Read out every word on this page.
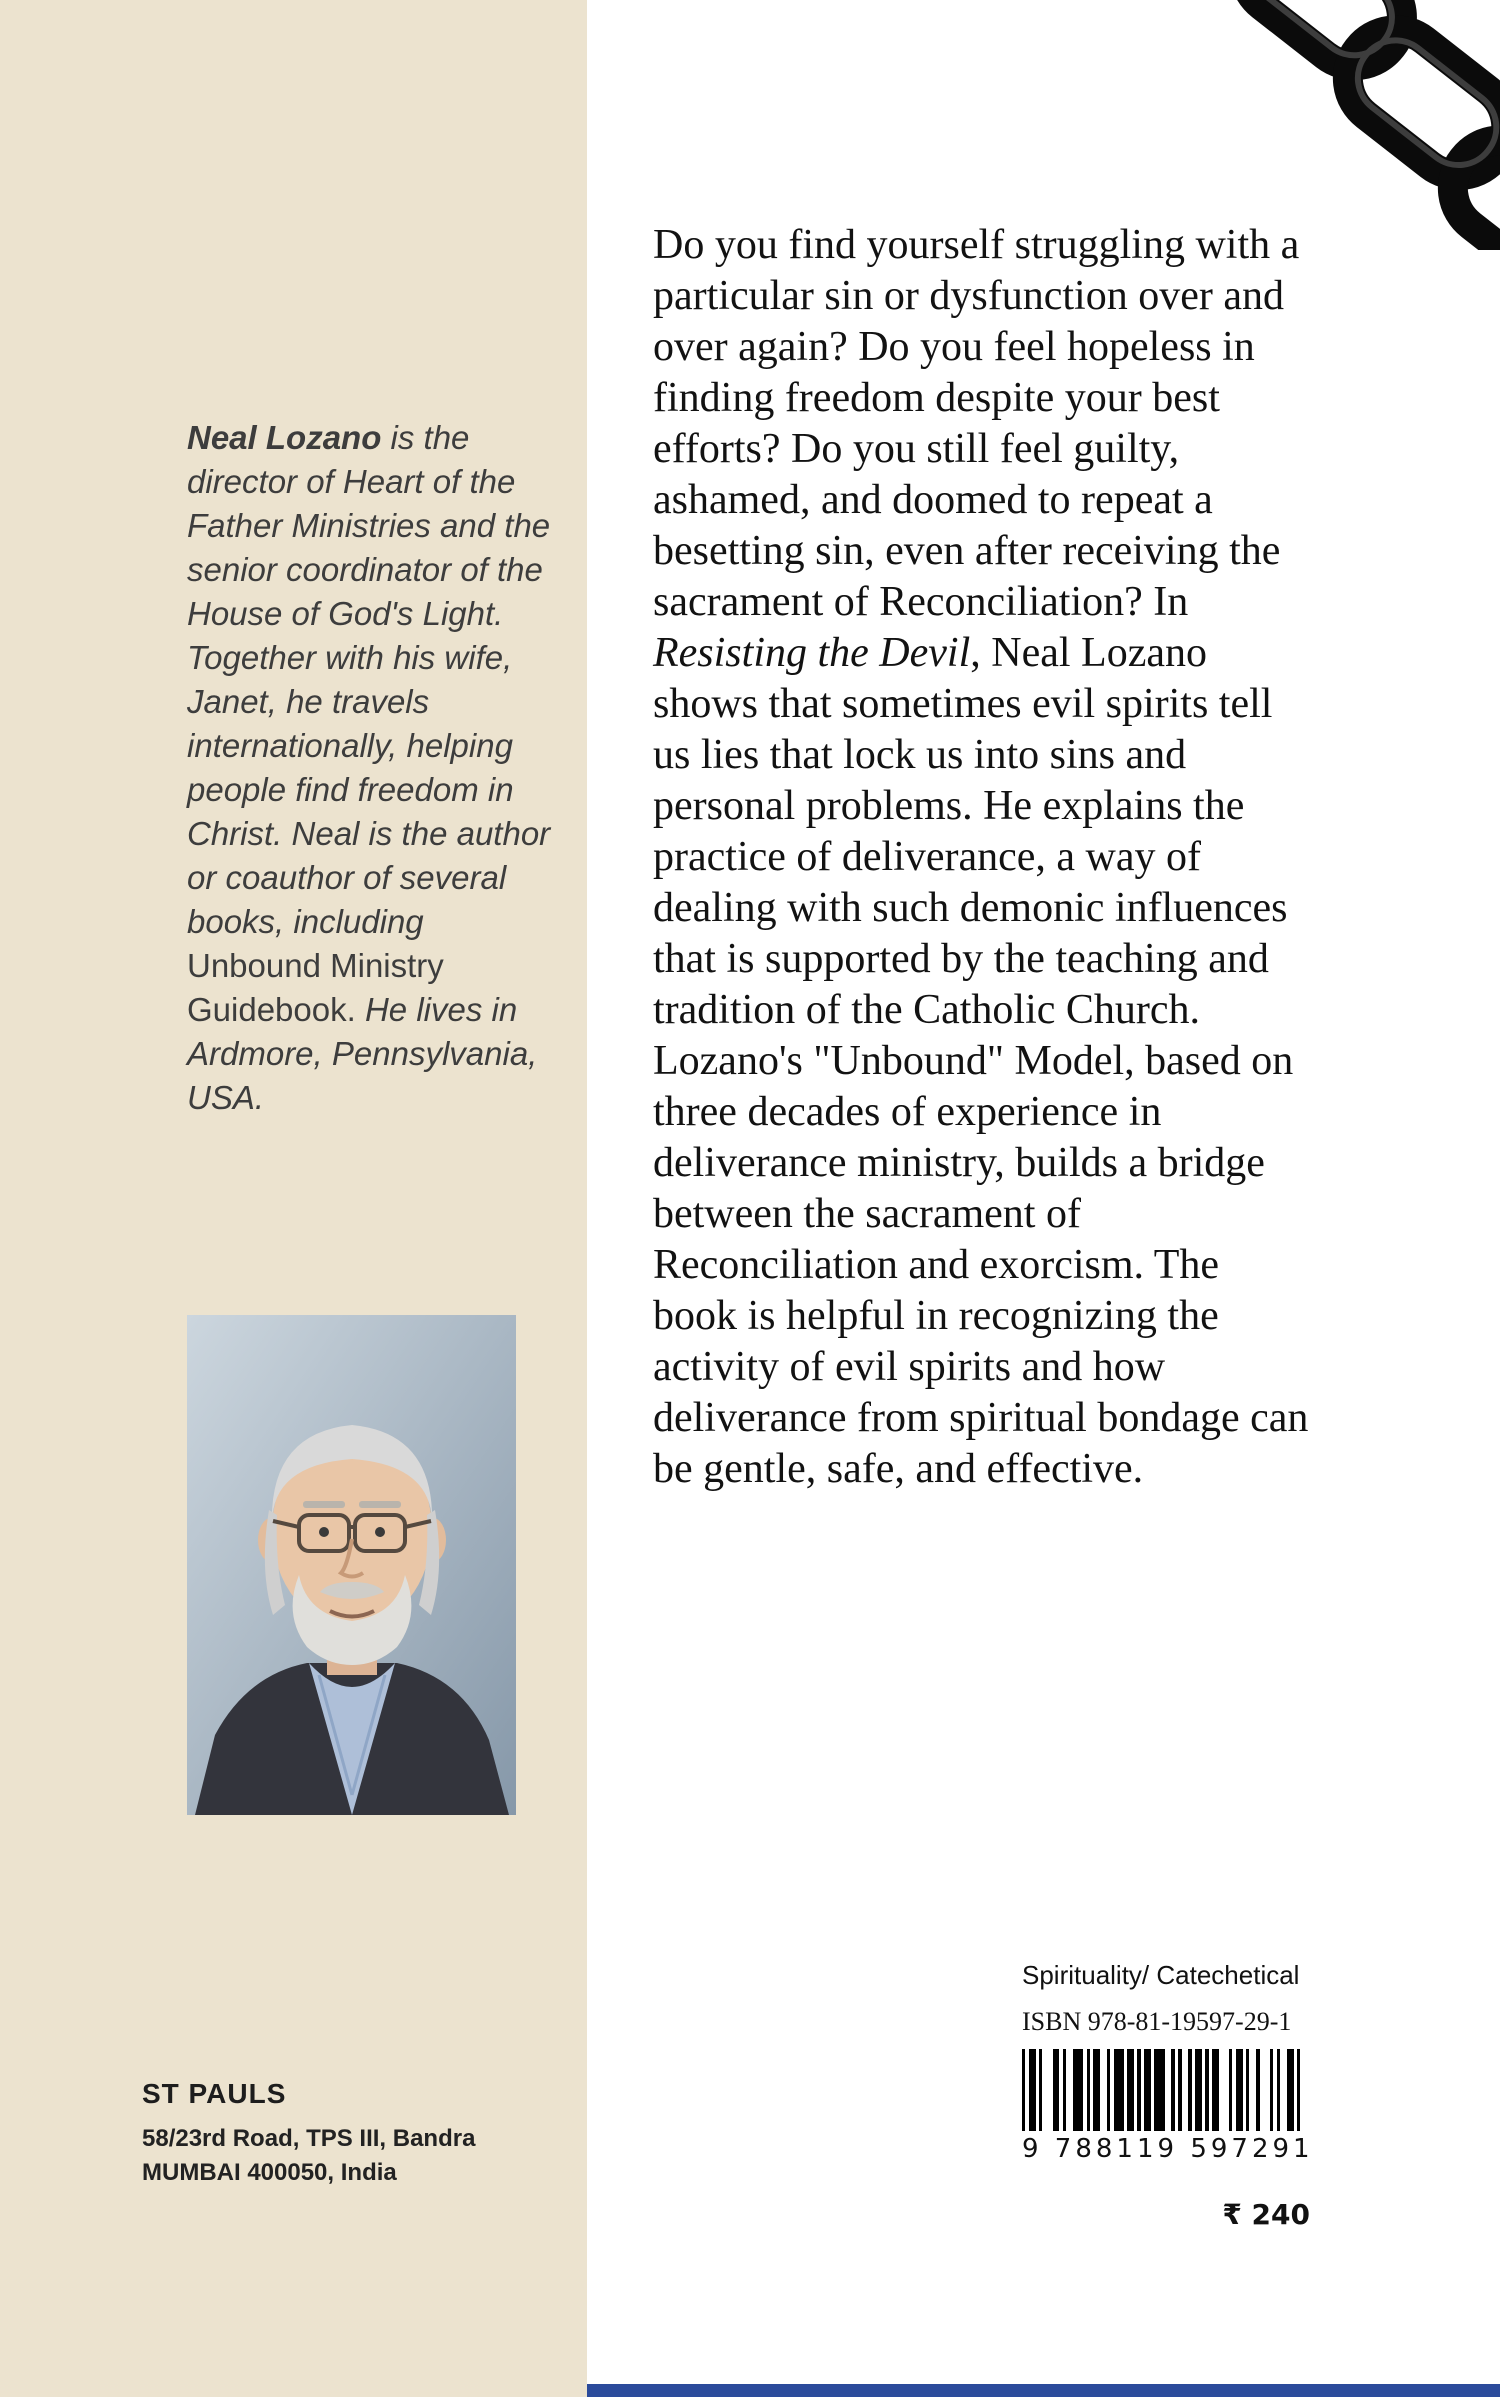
Neal Lozano is the director of Heart of the Father Ministries and the senior coordinator of the House of God's Light. Together with his wife, Janet, he travels internationally, helping people find freedom in Christ. Neal is the author or coauthor of several books, including Unbound Ministry Guidebook. He lives in Ardmore, Pennsylvania, USA.

ST PAULS
58/23rd Road, TPS III, Bandra
MUMBAI 400050, India

Do you find yourself struggling with a particular sin or dysfunction over and over again? Do you feel hopeless in finding freedom despite your best efforts? Do you still feel guilty, ashamed, and doomed to repeat a besetting sin, even after receiving the sacrament of Reconciliation? In Resisting the Devil, Neal Lozano shows that sometimes evil spirits tell us lies that lock us into sins and personal problems. He explains the practice of deliverance, a way of dealing with such demonic influences that is supported by the teaching and tradition of the Catholic Church. Lozano's "Unbound" Model, based on three decades of experience in deliverance ministry, builds a bridge between the sacrament of Reconciliation and exorcism. The book is helpful in recognizing the activity of evil spirits and how deliverance from spiritual bondage can be gentle, safe, and effective.

Spirituality/ Catechetical
ISBN 978-81-19597-29-1
9 788119 597291
₹ 240
